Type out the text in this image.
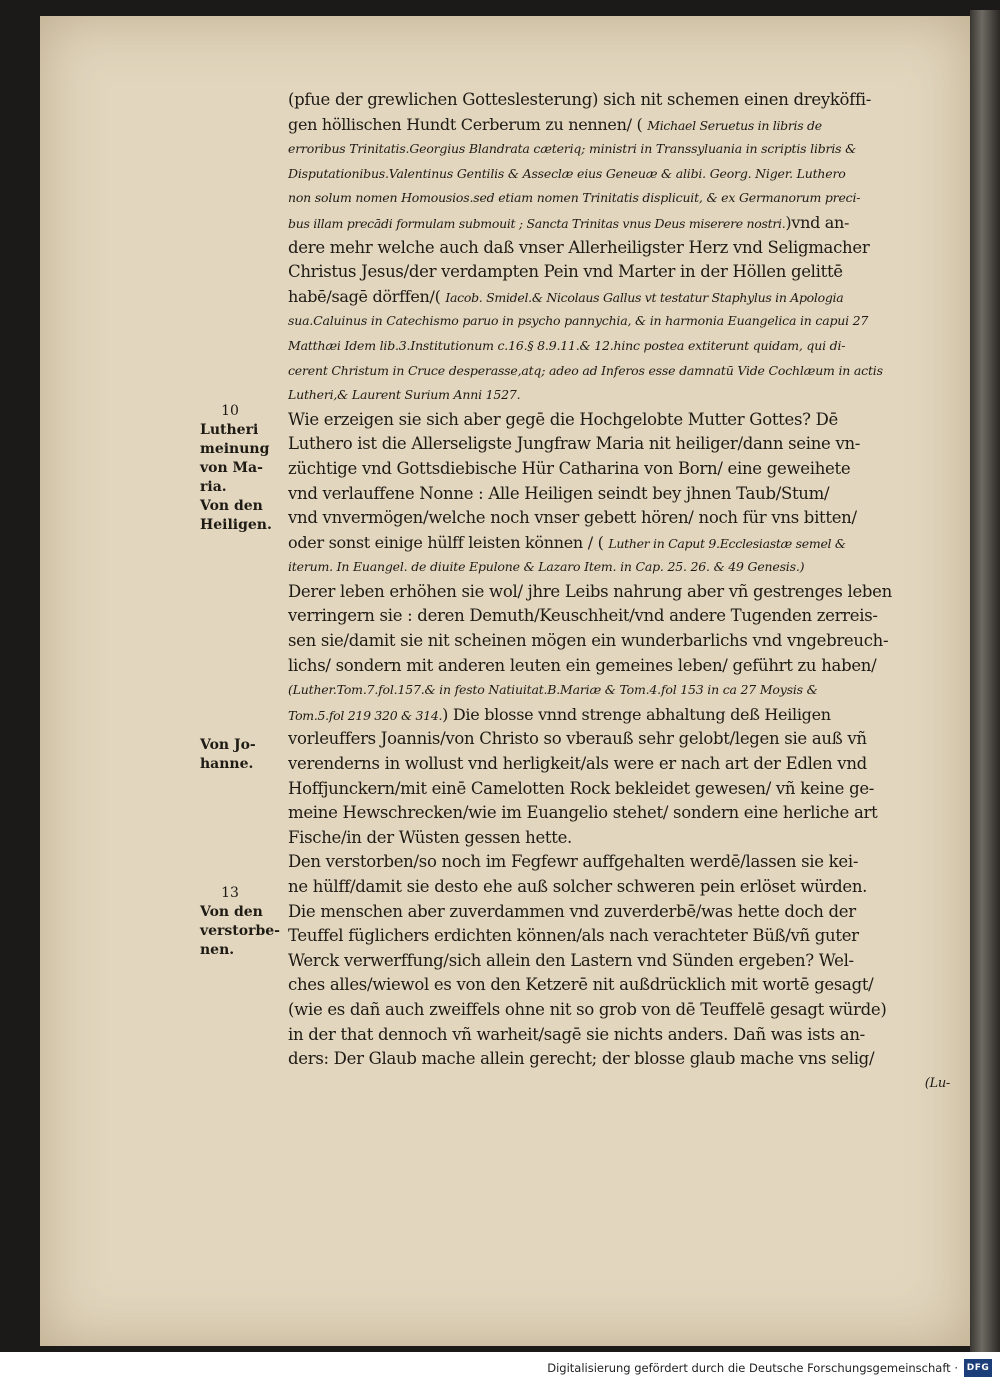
(pfue der grewlichen Gotteslesterung) sich nit schemen einen dreyköffi-
gen höllischen Hundt Cerberum zu nennen/ ( Michael Seruetus in libris de
erroribus Trinitatis.Georgius Blandrata cæteriq; ministri in Transsyluania in scriptis libris &
Disputationibus.Valentinus Gentilis & Asseclæ eius Geneuæ & alibi. Georg. Niger. Luthero
non solum nomen Homousios.sed etiam nomen Trinitatis displicuit, & ex Germanorum preci-
bus illam precādi formulam submouit ; Sancta Trinitas vnus Deus miserere nostri.)vnd an-
dere mehr welche auch daß vnser Allerheiligster Herz vnd Seligmacher
Christus Jesus/der verdampten Pein vnd Marter in der Höllen gelittē
habē/sagē dörffen/( Iacob. Smidel.& Nicolaus Gallus vt testatur Staphylus in Apologia
sua.Caluinus in Catechismo paruo in psycho pannychia, & in harmonia Euangelica in capui 27
Matthæi Idem lib.3.Institutionum c.16.§ 8.9.11.& 12.hinc postea extiterunt quidam, qui di-
cerent Christum in Cruce desperasse,atq; adeo ad Inferos esse damnatū Vide Cochlæum in actis
Lutheri,& Laurent Surium Anni 1527.
Wie erzeigen sie sich aber gegē die Hochgelobte Mutter Gottes? Dē
Luthero ist die Allerseligste Jungfraw Maria nit heiliger/dann seine vn-
züchtige vnd Gottsdiebische Hür Catharina von Born/ eine geweihete
vnd verlauffene Nonne : Alle Heiligen seindt bey jhnen Taub/Stum/
vnd vnvermögen/welche noch vnser gebett hören/ noch für vns bitten/
oder sonst einige hülff leisten können / ( Luther in Caput 9.Ecclesiastæ semel &
iterum. In Euangel. de diuite Epulone & Lazaro Item. in Cap. 25. 26. & 49 Genesis.)
Derer leben erhöhen sie wol/ jhre Leibs nahrung aber vñ gestrenges leben
verringern sie : deren Demuth/Keuschheit/vnd andere Tugenden zerreis-
sen sie/damit sie nit scheinen mögen ein wunderbarlichs vnd vngebreuch-
lichs/ sondern mit anderen leuten ein gemeines leben/ geführt zu haben/
(Luther.Tom.7.fol.157.& in festo Natiuitat.B.Mariæ & Tom.4.fol 153 in ca 27 Moysis &
Tom.5.fol 219 320 & 314.) Die blosse vnnd strenge abhaltung deß Heiligen
vorleuffers Joannis/von Christo so vberauß sehr gelobt/legen sie auß vñ
verenderns in wollust vnd herligkeit/als were er nach art der Edlen vnd
Hoffjunckern/mit einē Camelotten Rock bekleidet gewesen/ vñ keine ge-
meine Hewschrecken/wie im Euangelio stehet/ sondern eine herliche art
Fische/in der Wüsten gessen hette.
Den verstorben/so noch im Fegfewr auffgehalten werdē/lassen sie kei-
ne hülff/damit sie desto ehe auß solcher schweren pein erlöset würden.
Die menschen aber zuverdammen vnd zuverderbē/was hette doch der
Teuffel füglichers erdichten können/als nach verachteter Büß/vñ guter
Werck verwerffung/sich allein den Lastern vnd Sünden ergeben? Wel-
ches alles/wiewol es von den Ketzerē nit außdrücklich mit wortē gesagt/
(wie es dañ auch zweiffels ohne nit so grob von dē Teuffelē gesagt würde)
in der that dennoch vñ warheit/sagē sie nichts anders. Dañ was ists an-
ders: Der Glaub mache allein gerecht; der blosse glaub mache vns selig/
(Lu-
10
Lutheri
meinung
von Ma-
ria.
Von den
Heiligen.
Von Jo-
hanne.
13
Von den
verstorbe-
nen.
Digitalisierung gefördert durch die Deutsche Forschungsgemeinschaft · DFG
